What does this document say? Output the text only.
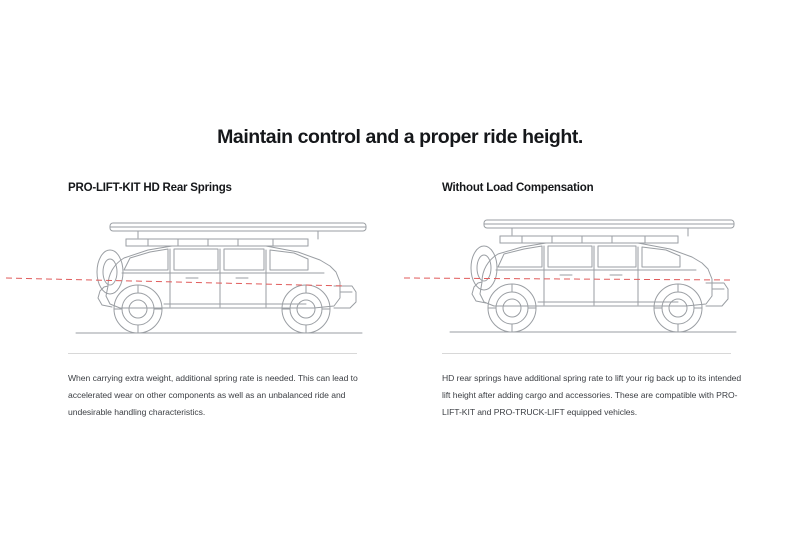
Maintain control and a proper ride height.
PRO-LIFT-KIT HD Rear Springs

When carrying extra weight, additional spring rate is needed. This can lead to accelerated wear on other components as well as an unbalanced ride and undesirable handling characteristics.

Without Load Compensation

HD rear springs have additional spring rate to lift your rig back up to its intended lift height after adding cargo and accessories. These are compatible with PRO-LIFT-KIT and PRO-TRUCK-LIFT equipped vehicles.
